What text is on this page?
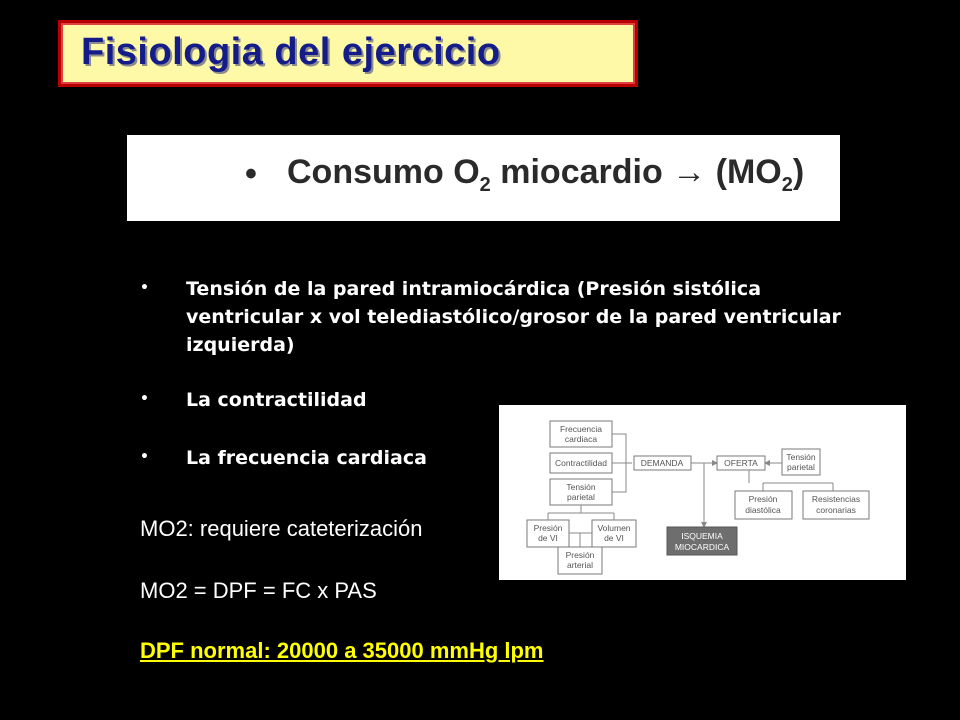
Fisiologia del ejercicio
• Consumo $O_2$ miocardio → $(MO_2)$
• Tensión de la pared intramiocárdica (Presión sistólica ventricular x vol telediastólico/grosor de la pared ventricular izquierda)
• La contractilidad
• La frecuencia cardiaca
MO2: requiere cateterización
MO2 = DPF = FC x PAS
DPF normal: 20000 a 35000 mmHg lpm
Frecuencia
cardiaca
Contractilidad
Tensión
parietal
Presión
de VI
Volumen
de VI
Presión
arterial
DEMANDA	OFERTA
Tensión
parietal
ISQUEMIA
MIOCARDICA
Presión
diastólica
Resistencias
coronarias
